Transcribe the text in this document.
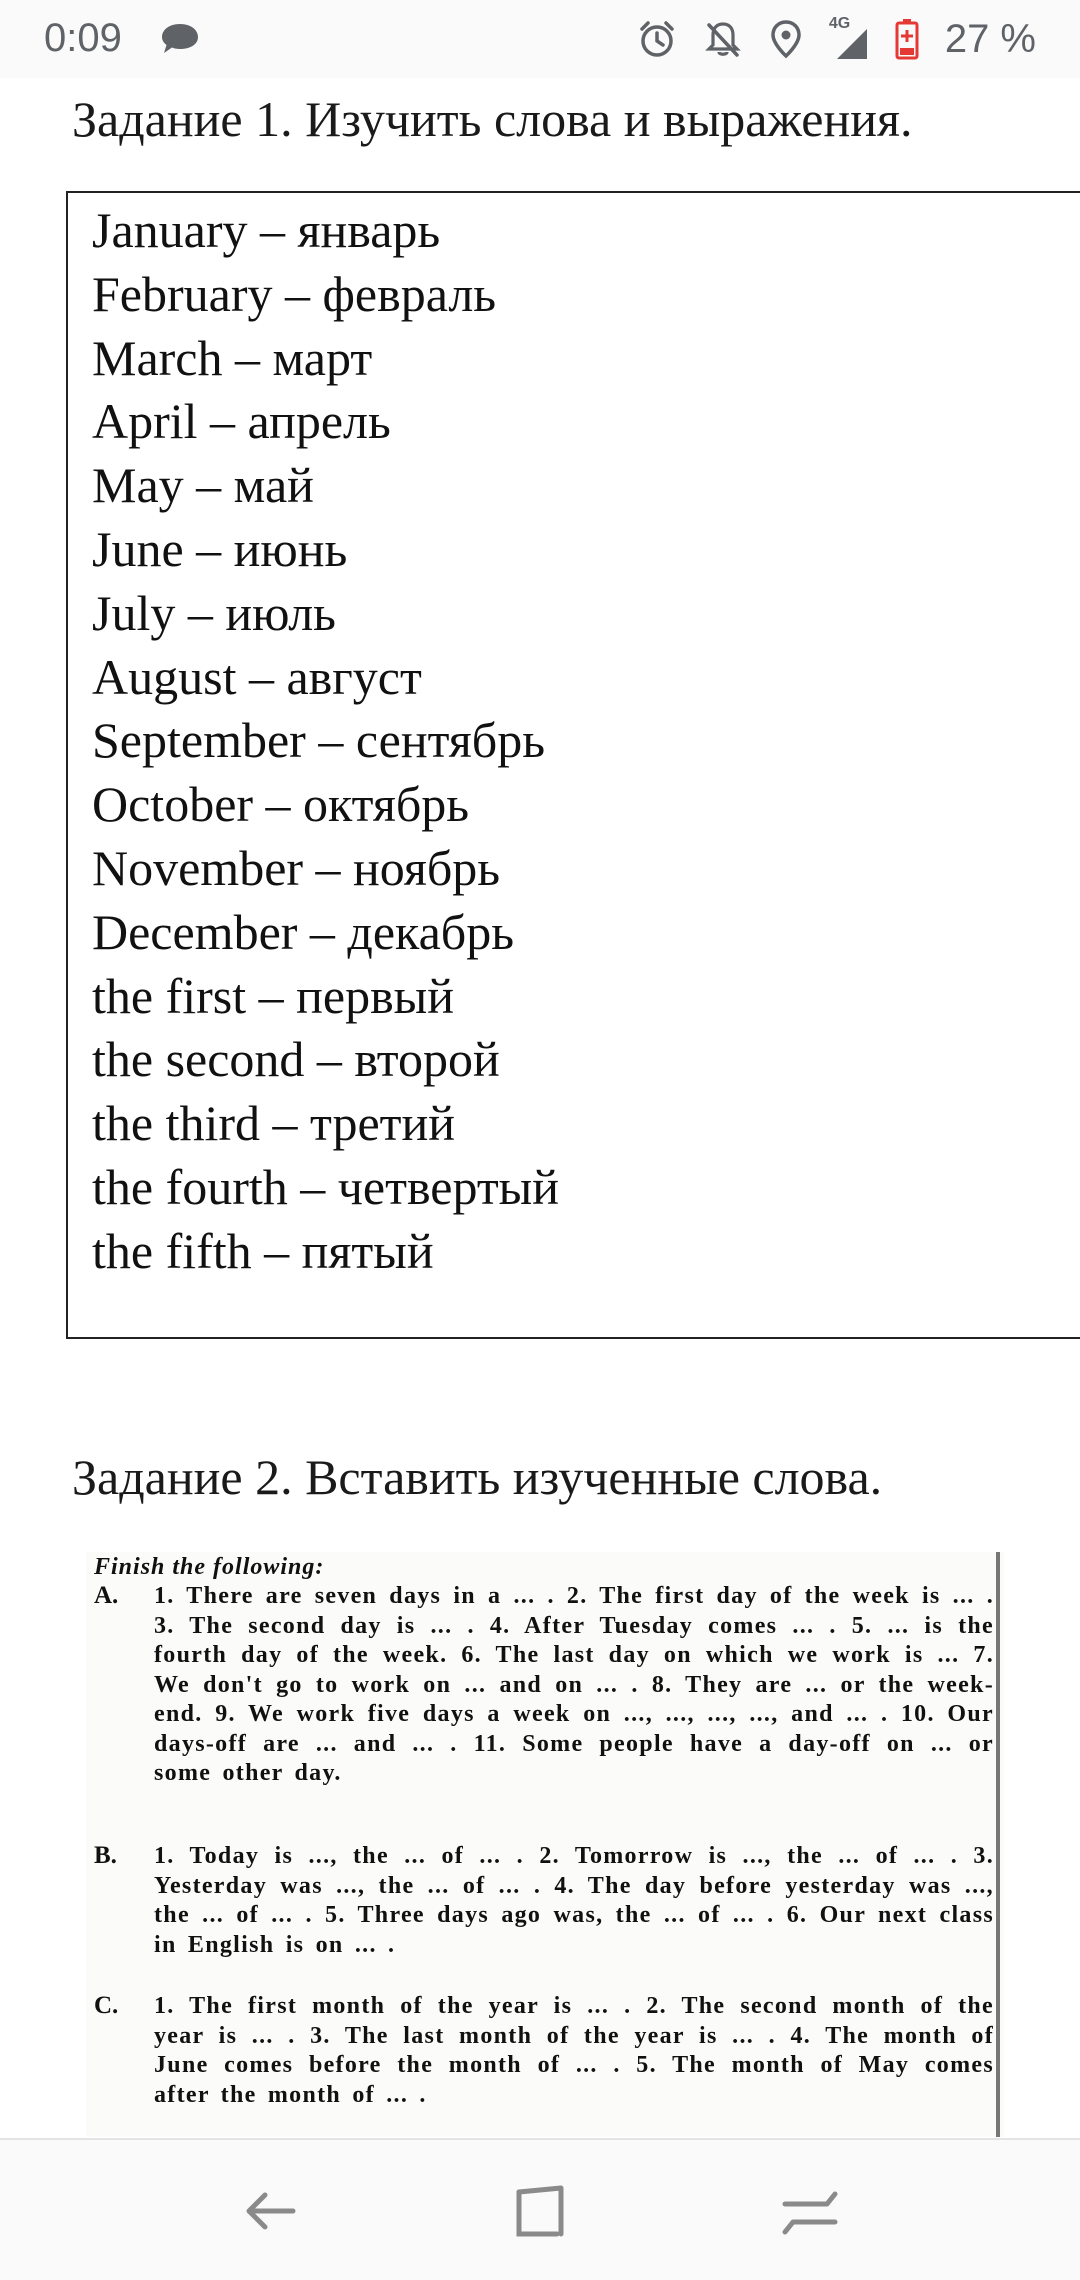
0:09	4G 27 %
Задание 1. Изучить слова и выражения.
January – январь
February – февраль
March – март
April – апрель
May – май
June – июнь
July – июль
August – август
September – сентябрь
October – октябрь
November – ноябрь
December – декабрь
the first – первый
the second – второй
the third – третий
the fourth – четвертый
the fifth – пятый
Задание 2. Вставить изученные слова.
Finish the following:
A. 1. There are seven days in a ... . 2. The first day of the week is ... . 3. The second day is ... . 4. After Tuesday comes ... . 5. ... is the fourth day of the week. 6. The last day on which we work is ... 7. We don't go to work on ... and on ... . 8. They are ... or the week-end. 9. We work five days a week on ..., ..., ..., ..., and ... . 10. Our days-off are ... and ... . 11. Some people have a day-off on ... or some other day.

B. 1. Today is ..., the ... of ... . 2. Tomorrow is ..., the ... of ... . 3. Yesterday was ..., the ... of ... . 4. The day before yesterday was ..., the ... of ... . 5. Three days ago was, the ... of ... . 6. Our next class in English is on ... .

C. 1. The first month of the year is ... . 2. The second month of the year is ... . 3. The last month of the year is ... . 4. The month of June comes before the month of ... . 5. The month of May comes after the month of ... .
